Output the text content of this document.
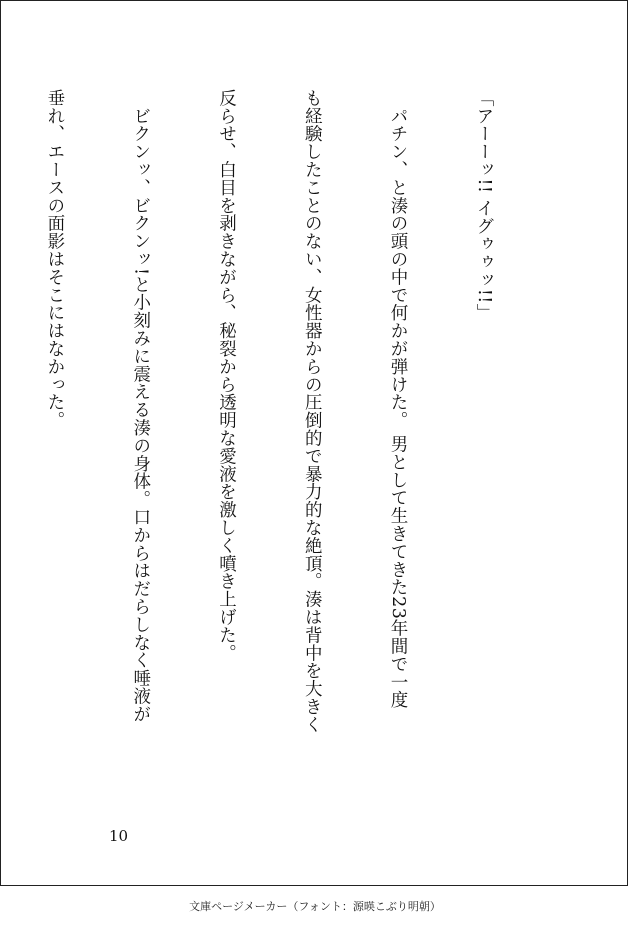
「アーーッ!! イグゥゥッ!!」

　パチン、と湊の頭の中で何かが弾けた。 男として生きてきた23年間で一度

も経験したことのない、女性器からの圧倒的で暴力的な絶頂。湊は背中を大きく

反らせ、白目を剥きながら、秘裂から透明な愛液を激しく噴き上げた。

　ビクンッ、ビクンッ!と小刻みに震える湊の身体。口からはだらしなく唾液が

垂れ、エースの面影はそこにはなかった。

10
文庫ページメーカー（フォント：源暎こぶり明朝）
